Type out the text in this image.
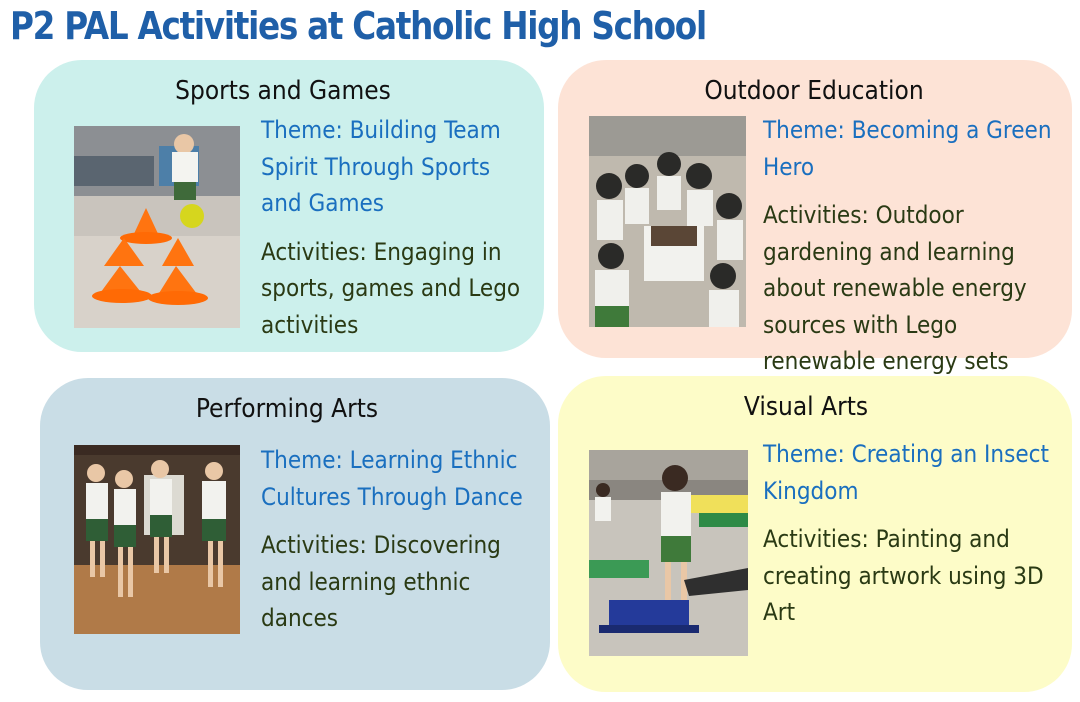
P2 PAL Activities at Catholic High School
Sports and Games
Theme: Building Team Spirit Through Sports and Games
Activities: Engaging in sports, games and Lego activities
Outdoor Education
Theme: Becoming a Green Hero
Activities: Outdoor gardening and learning about renewable energy sources with Lego renewable energy sets
Performing Arts
Theme: Learning Ethnic Cultures Through Dance
Activities: Discovering and learning ethnic dances
Visual Arts
Theme: Creating an Insect Kingdom
Activities: Painting and creating artwork using 3D Art
